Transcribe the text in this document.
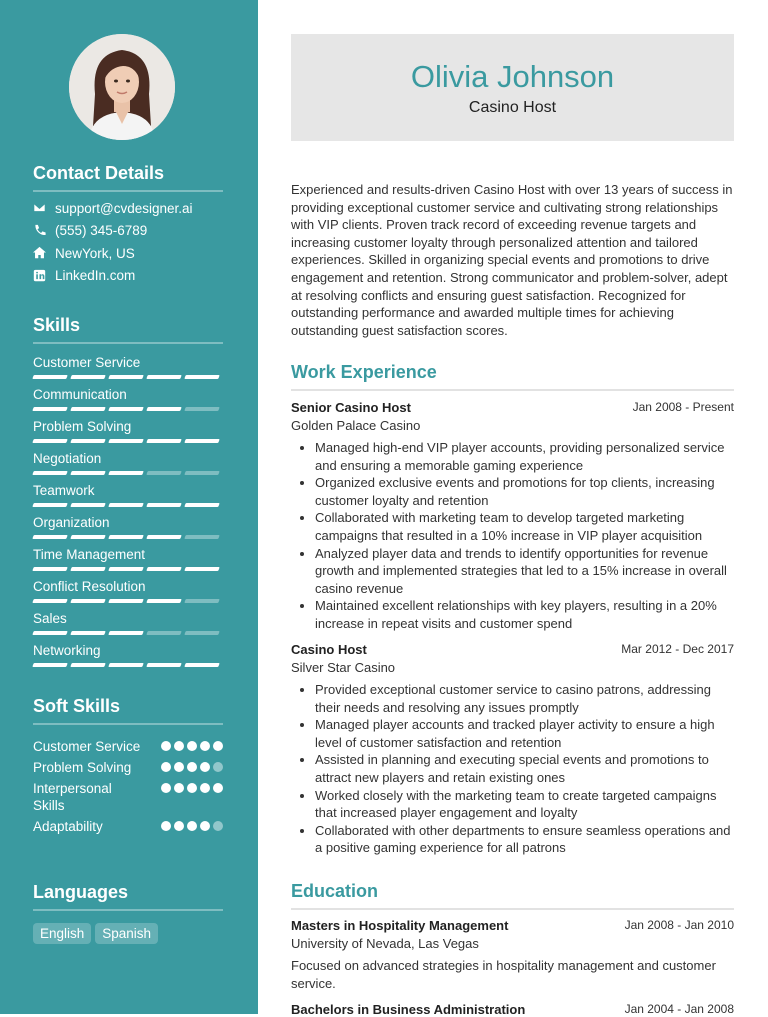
Contact Details
support@cvdesigner.ai
(555) 345-6789
NewYork, US
LinkedIn.com
Skills
Customer Service
Communication
Problem Solving
Negotiation
Teamwork
Organization
Time Management
Conflict Resolution
Sales
Networking
Soft Skills
Customer Service
Problem Solving
Interpersonal Skills
Adaptability
Languages
English Spanish
Olivia Johnson
Casino Host
Experienced and results-driven Casino Host with over 13 years of success in providing exceptional customer service and cultivating strong relationships with VIP clients. Proven track record of exceeding revenue targets and increasing customer loyalty through personalized attention and tailored experiences. Skilled in organizing special events and promotions to drive engagement and retention. Strong communicator and problem-solver, adept at resolving conflicts and ensuring guest satisfaction. Recognized for outstanding performance and awarded multiple times for achieving outstanding guest satisfaction scores.
Work Experience
Senior Casino Host	Jan 2008 - Present
Golden Palace Casino
• Managed high-end VIP player accounts, providing personalized service and ensuring a memorable gaming experience
• Organized exclusive events and promotions for top clients, increasing customer loyalty and retention
• Collaborated with marketing team to develop targeted marketing campaigns that resulted in a 10% increase in VIP player acquisition
• Analyzed player data and trends to identify opportunities for revenue growth and implemented strategies that led to a 15% increase in overall casino revenue
• Maintained excellent relationships with key players, resulting in a 20% increase in repeat visits and customer spend
Casino Host	Mar 2012 - Dec 2017
Silver Star Casino
• Provided exceptional customer service to casino patrons, addressing their needs and resolving any issues promptly
• Managed player accounts and tracked player activity to ensure a high level of customer satisfaction and retention
• Assisted in planning and executing special events and promotions to attract new players and retain existing ones
• Worked closely with the marketing team to create targeted campaigns that increased player engagement and loyalty
• Collaborated with other departments to ensure seamless operations and a positive gaming experience for all patrons
Education
Masters in Hospitality Management	Jan 2008 - Jan 2010
University of Nevada, Las Vegas

Focused on advanced strategies in hospitality management and customer service.

Bachelors in Business Administration	Jan 2004 - Jan 2008
